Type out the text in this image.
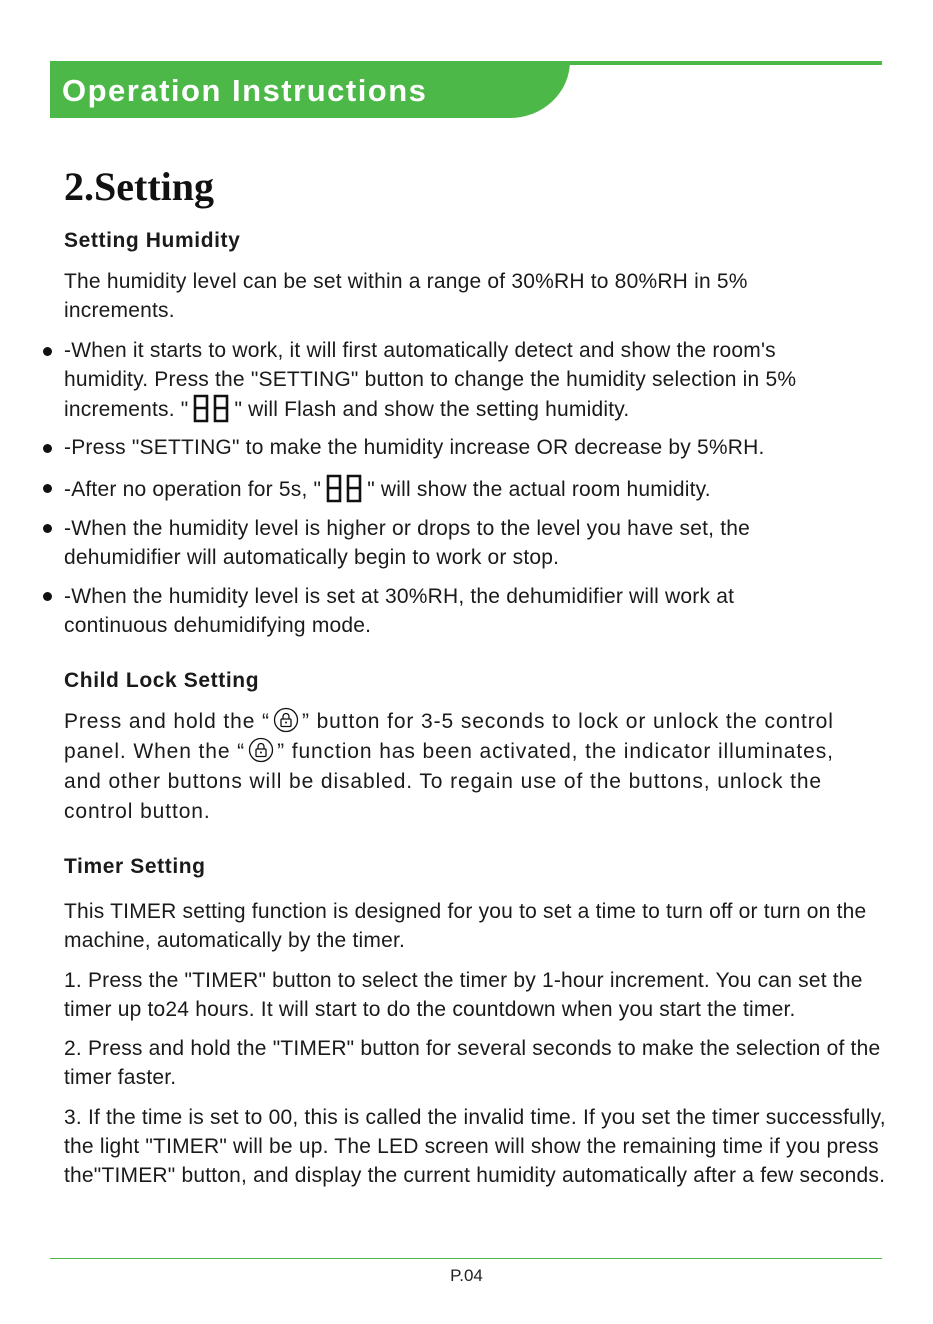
Operation Instructions
2.Setting
Setting Humidity
The humidity level can be set within a range of 30%RH to 80%RH in 5% increments.
-When it starts to work, it will first automatically detect and show the room's
humidity. Press the "SETTING" button to change the humidity selection in 5%
increments. " " will Flash and show the setting humidity.
-Press "SETTING" to make the humidity increase OR decrease by 5%RH.
-After no operation for 5s, " " will show the actual room humidity.
-When the humidity level is higher or drops to the level you have set, the dehumidifier will automatically begin to work or stop.
-When the humidity level is set at 30%RH, the dehumidifier will work at continuous dehumidifying mode.
Child Lock Setting
Press and hold the “ ” button for 3-5 seconds to lock or unlock the control
panel. When the “ ” function has been activated, the indicator illuminates,
and other buttons will be disabled. To regain use of the buttons, unlock the
control button.
Timer Setting
This TIMER setting function is designed for you to set a time to turn off or turn on the machine, automatically by the timer.
1. Press the "TIMER" button to select the timer by 1-hour increment. You can set the timer up to24 hours. It will start to do the countdown when you start the timer.
2. Press and hold the "TIMER" button for several seconds to make the selection of the timer faster.
3. If the time is set to 00, this is called the invalid time. If you set the timer successfully, the light "TIMER" will be up. The LED screen will show the remaining time if you press the"TIMER" button, and display the current humidity automatically after a few seconds.
P.04
